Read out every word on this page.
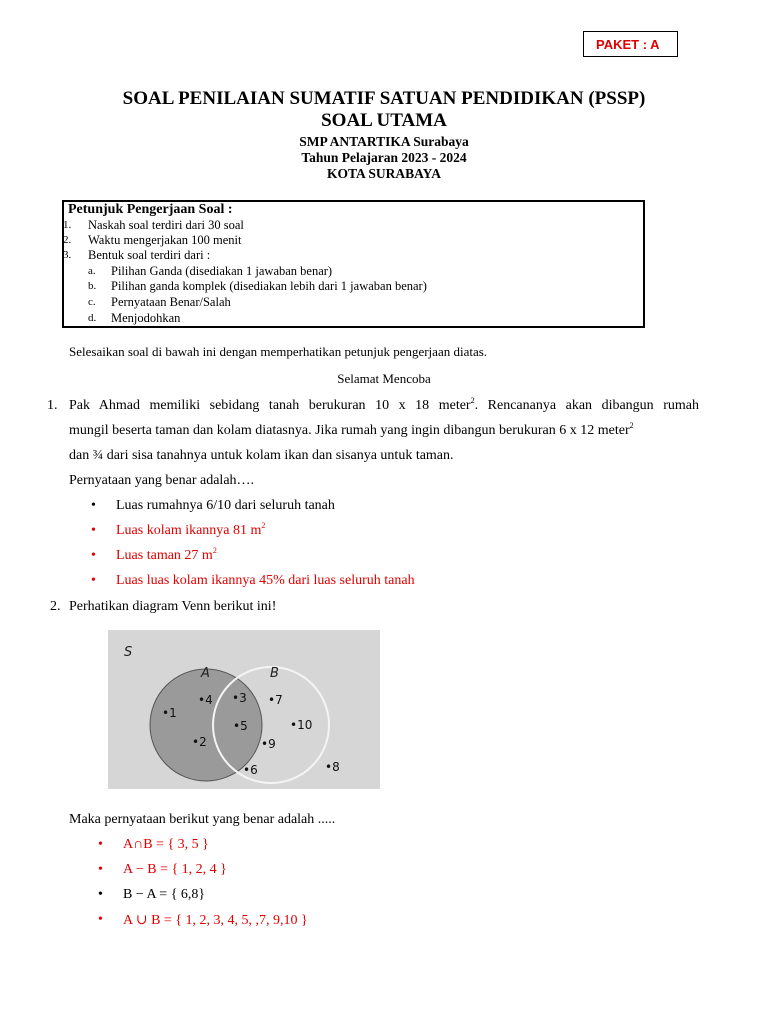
PAKET : A
SOAL PENILAIAN SUMATIF SATUAN PENDIDIKAN (PSSP)
SOAL UTAMA
SMP ANTARTIKA Surabaya
Tahun Pelajaran 2023 - 2024
KOTA SURABAYA
Petunjuk Pengerjaan Soal :
1. Naskah soal terdiri dari 30 soal
2. Waktu mengerjakan 100 menit
3. Bentuk soal terdiri dari :
a. Pilihan Ganda (disediakan 1 jawaban benar)
b. Pilihan ganda komplek (disediakan lebih dari 1 jawaban benar)
c. Pernyataan Benar/Salah
d. Menjodohkan
Selesaikan soal di bawah ini dengan memperhatikan petunjuk pengerjaan diatas.
Selamat Mencoba
1. Pak Ahmad memiliki sebidang tanah berukuran 10 x 18 meter$^2$. Rencananya akan dibangun rumah
mungil beserta taman dan kolam diatasnya. Jika rumah yang ingin dibangun berukuran 6 x 12 meter$^2$
dan ¾ dari sisa tanahnya untuk kolam ikan dan sisanya untuk taman.
Pernyataan yang benar adalah….
• Luas rumahnya 6/10 dari seluruh tanah
• Luas kolam ikannya 81 $m^2$
• Luas taman 27 $m^2$
• Luas luas kolam ikannya 45% dari luas seluruh tanah
2. Perhatikan diagram Venn berikut ini!
S
A	B
•1
•4
•2
•3
•5
•7
•10
•9
•6	•8
Maka pernyataan berikut yang benar adalah .....
• A∩B = { 3, 5 }
• A − B = { 1, 2, 4 }
• B − A = { 6,8}
• A ∪ B = { 1, 2, 3, 4, 5, ,7, 9,10 }
